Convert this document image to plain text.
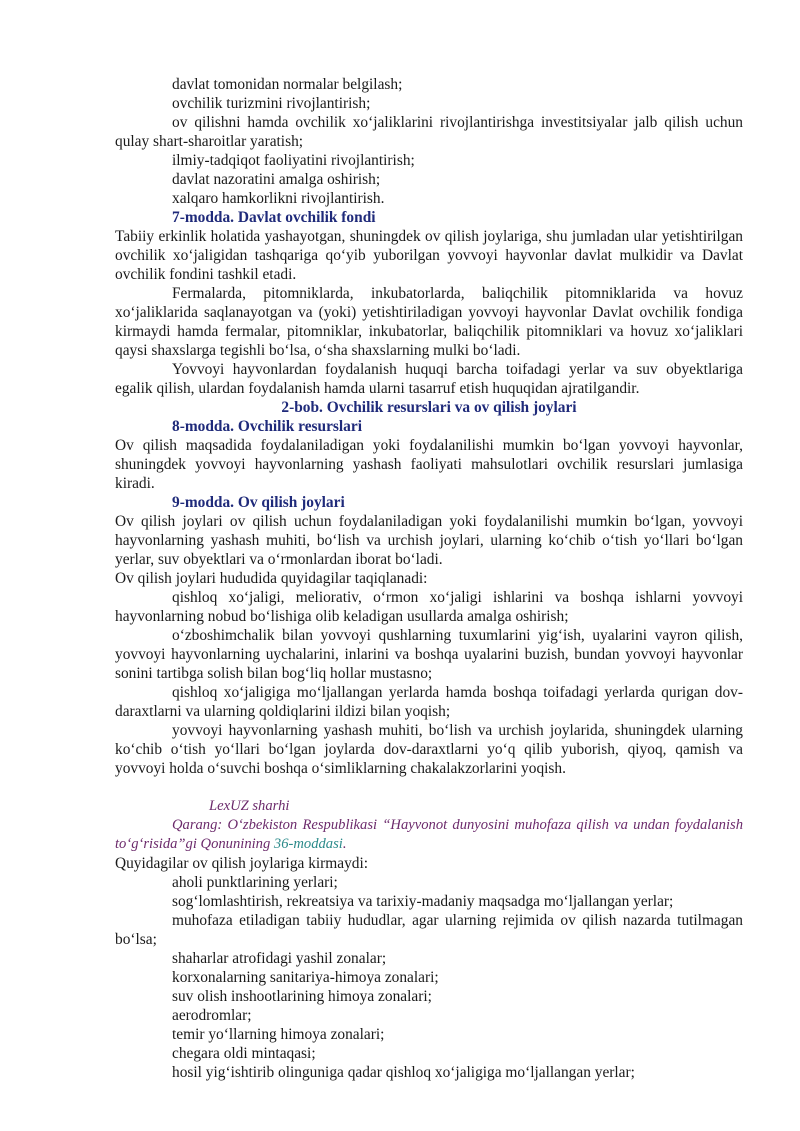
davlat tomonidan normalar belgilash;

ovchilik turizmini rivojlantirish;

ov qilishni hamda ovchilik xo‘jaliklarini rivojlantirishga investitsiyalar jalb qilish uchun qulay shart-sharoitlar yaratish;

ilmiy-tadqiqot faoliyatini rivojlantirish;

davlat nazoratini amalga oshirish;

xalqaro hamkorlikni rivojlantirish.

7-modda. Davlat ovchilik fondi

Tabiiy erkinlik holatida yashayotgan, shuningdek ov qilish joylariga, shu jumladan ular yetishtirilgan ovchilik xo‘jaligidan tashqariga qo‘yib yuborilgan yovvoyi hayvonlar davlat mulkidir va Davlat ovchilik fondini tashkil etadi.

Fermalarda, pitomniklarda, inkubatorlarda, baliqchilik pitomniklarida va hovuz xo‘jaliklarida saqlanayotgan va (yoki) yetishtiriladigan yovvoyi hayvonlar Davlat ovchilik fondiga kirmaydi hamda fermalar, pitomniklar, inkubatorlar, baliqchilik pitomniklari va hovuz xo‘jaliklari qaysi shaxslarga tegishli bo‘lsa, o‘sha shaxslarning mulki bo‘ladi.

Yovvoyi hayvonlardan foydalanish huquqi barcha toifadagi yerlar va suv obyektlariga egalik qilish, ulardan foydalanish hamda ularni tasarruf etish huquqidan ajratilgandir.

2-bob. Ovchilik resurslari va ov qilish joylari

8-modda. Ovchilik resurslari

Ov qilish maqsadida foydalaniladigan yoki foydalanilishi mumkin bo‘lgan yovvoyi hayvonlar, shuningdek yovvoyi hayvonlarning yashash faoliyati mahsulotlari ovchilik resurslari jumlasiga kiradi.

9-modda. Ov qilish joylari

Ov qilish joylari ov qilish uchun foydalaniladigan yoki foydalanilishi mumkin bo‘lgan, yovvoyi hayvonlarning yashash muhiti, bo‘lish va urchish joylari, ularning ko‘chib o‘tish yo‘llari bo‘lgan yerlar, suv obyektlari va o‘rmonlardan iborat bo‘ladi.

Ov qilish joylari hududida quyidagilar taqiqlanadi:

qishloq xo‘jaligi, meliorativ, o‘rmon xo‘jaligi ishlarini va boshqa ishlarni yovvoyi hayvonlarning nobud bo‘lishiga olib keladigan usullarda amalga oshirish;

o‘zboshimchalik bilan yovvoyi qushlarning tuxumlarini yig‘ish, uyalarini vayron qilish, yovvoyi hayvonlarning uychalarini, inlarini va boshqa uyalarini buzish, bundan yovvoyi hayvonlar sonini tartibga solish bilan bog‘liq hollar mustasno;

qishloq xo‘jaligiga mo‘ljallangan yerlarda hamda boshqa toifadagi yerlarda qurigan dov-daraxtlarni va ularning qoldiqlarini ildizi bilan yoqish;

yovvoyi hayvonlarning yashash muhiti, bo‘lish va urchish joylarida, shuningdek ularning ko‘chib o‘tish yo‘llari bo‘lgan joylarda dov-daraxtlarni yo‘q qilib yuborish, qiyoq, qamish va yovvoyi holda o‘suvchi boshqa o‘simliklarning chakalakzorlarini yoqish.

LexUZ sharhi

Qarang: O‘zbekiston Respublikasi “Hayvonot dunyosini muhofaza qilish va undan foydalanish to‘g‘risida”gi Qonunining 36-moddasi.

Quyidagilar ov qilish joylariga kirmaydi:

aholi punktlarining yerlari;

sog‘lomlashtirish, rekreatsiya va tarixiy-madaniy maqsadga mo‘ljallangan yerlar;

muhofaza etiladigan tabiiy hududlar, agar ularning rejimida ov qilish nazarda tutilmagan bo‘lsa;

shaharlar atrofidagi yashil zonalar;

korxonalarning sanitariya-himoya zonalari;

suv olish inshootlarining himoya zonalari;

aerodromlar;

temir yo‘llarning himoya zonalari;

chegara oldi mintaqasi;

hosil yig‘ishtirib olinguniga qadar qishloq xo‘jaligiga mo‘ljallangan yerlar;
